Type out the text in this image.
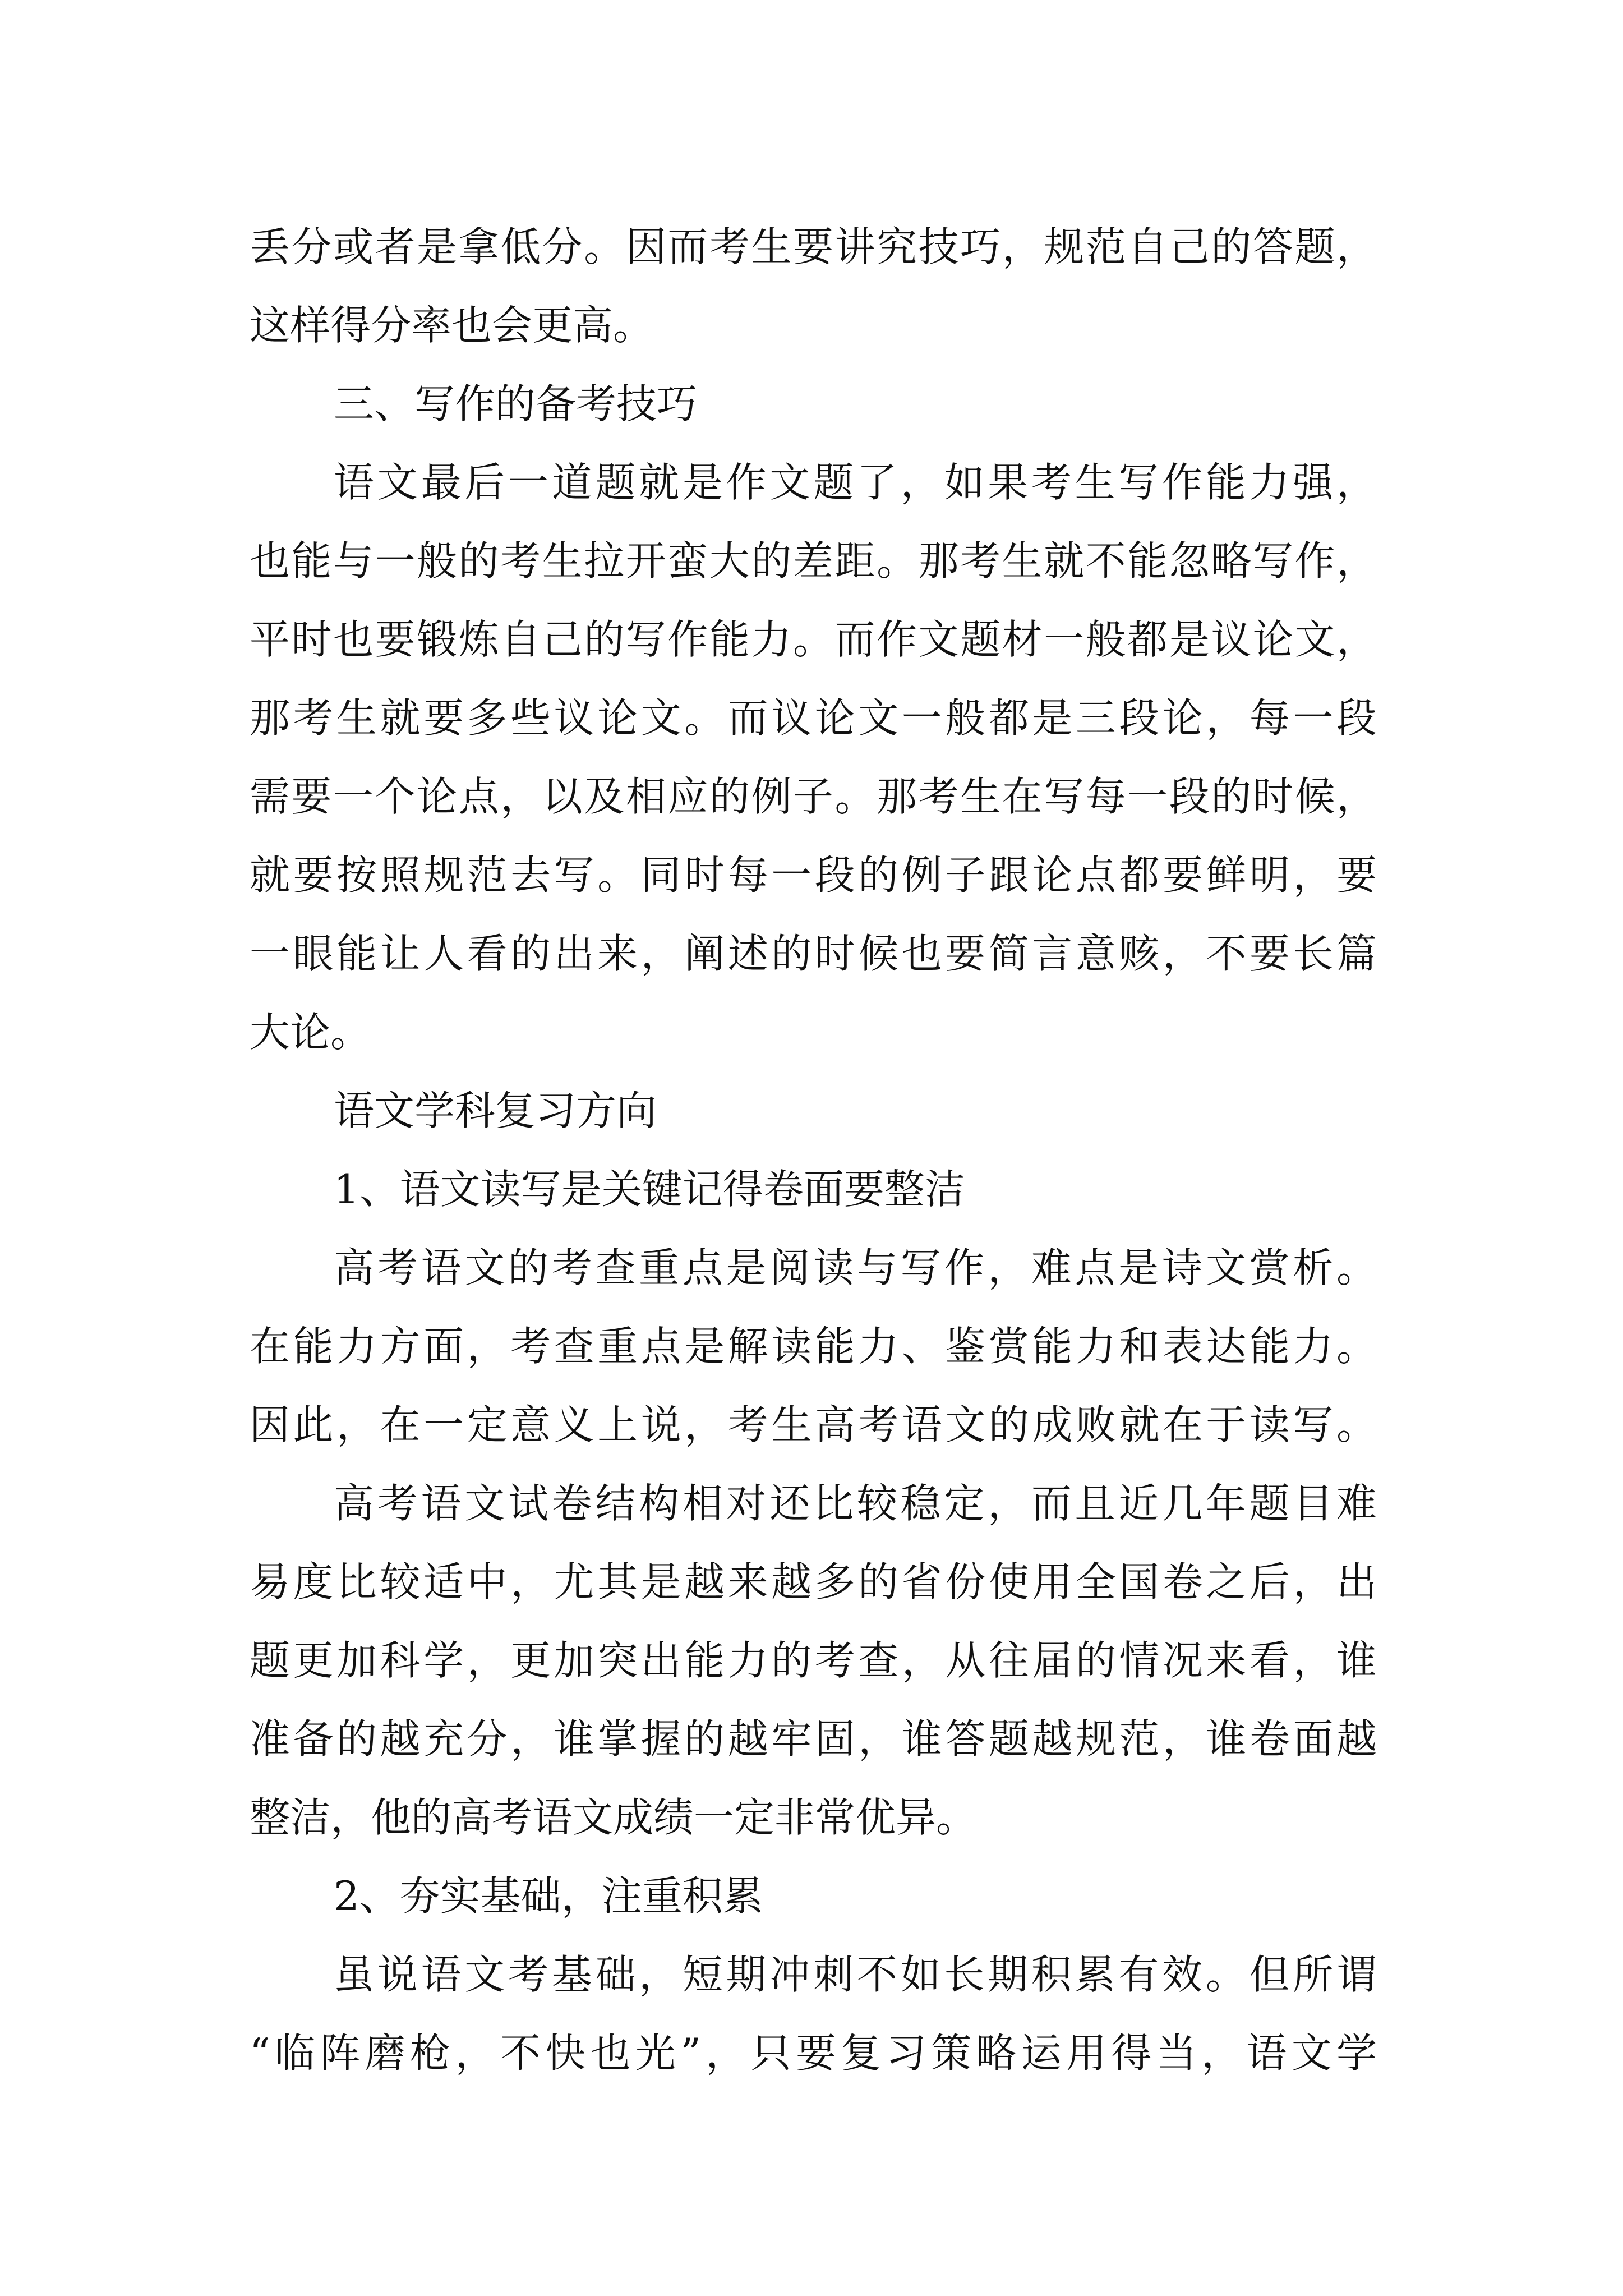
丢分或者是拿低分。因而考生要讲究技巧，规范自己的答题，
这样得分率也会更高。
三、写作的备考技巧
语文最后一道题就是作文题了，如果考生写作能力强，
也能与一般的考生拉开蛮大的差距。那考生就不能忽略写作，
平时也要锻炼自己的写作能力。而作文题材一般都是议论文，
那考生就要多些议论文。而议论文一般都是三段论，每一段
需要一个论点，以及相应的例子。那考生在写每一段的时候，
就要按照规范去写。同时每一段的例子跟论点都要鲜明，要
一眼能让人看的出来，阐述的时候也要简言意赅，不要长篇
大论。
语文学科复习方向
1、语文读写是关键记得卷面要整洁
高考语文的考查重点是阅读与写作，难点是诗文赏析。
在能力方面，考查重点是解读能力、鉴赏能力和表达能力。
因此，在一定意义上说，考生高考语文的成败就在于读写。
高考语文试卷结构相对还比较稳定，而且近几年题目难
易度比较适中，尤其是越来越多的省份使用全国卷之后，出
题更加科学，更加突出能力的考查，从往届的情况来看，谁
准备的越充分，谁掌握的越牢固，谁答题越规范，谁卷面越
整洁，他的高考语文成绩一定非常优异。
2、夯实基础，注重积累
虽说语文考基础，短期冲刺不如长期积累有效。但所谓
“临阵磨枪，不快也光”，只要复习策略运用得当，语文学
